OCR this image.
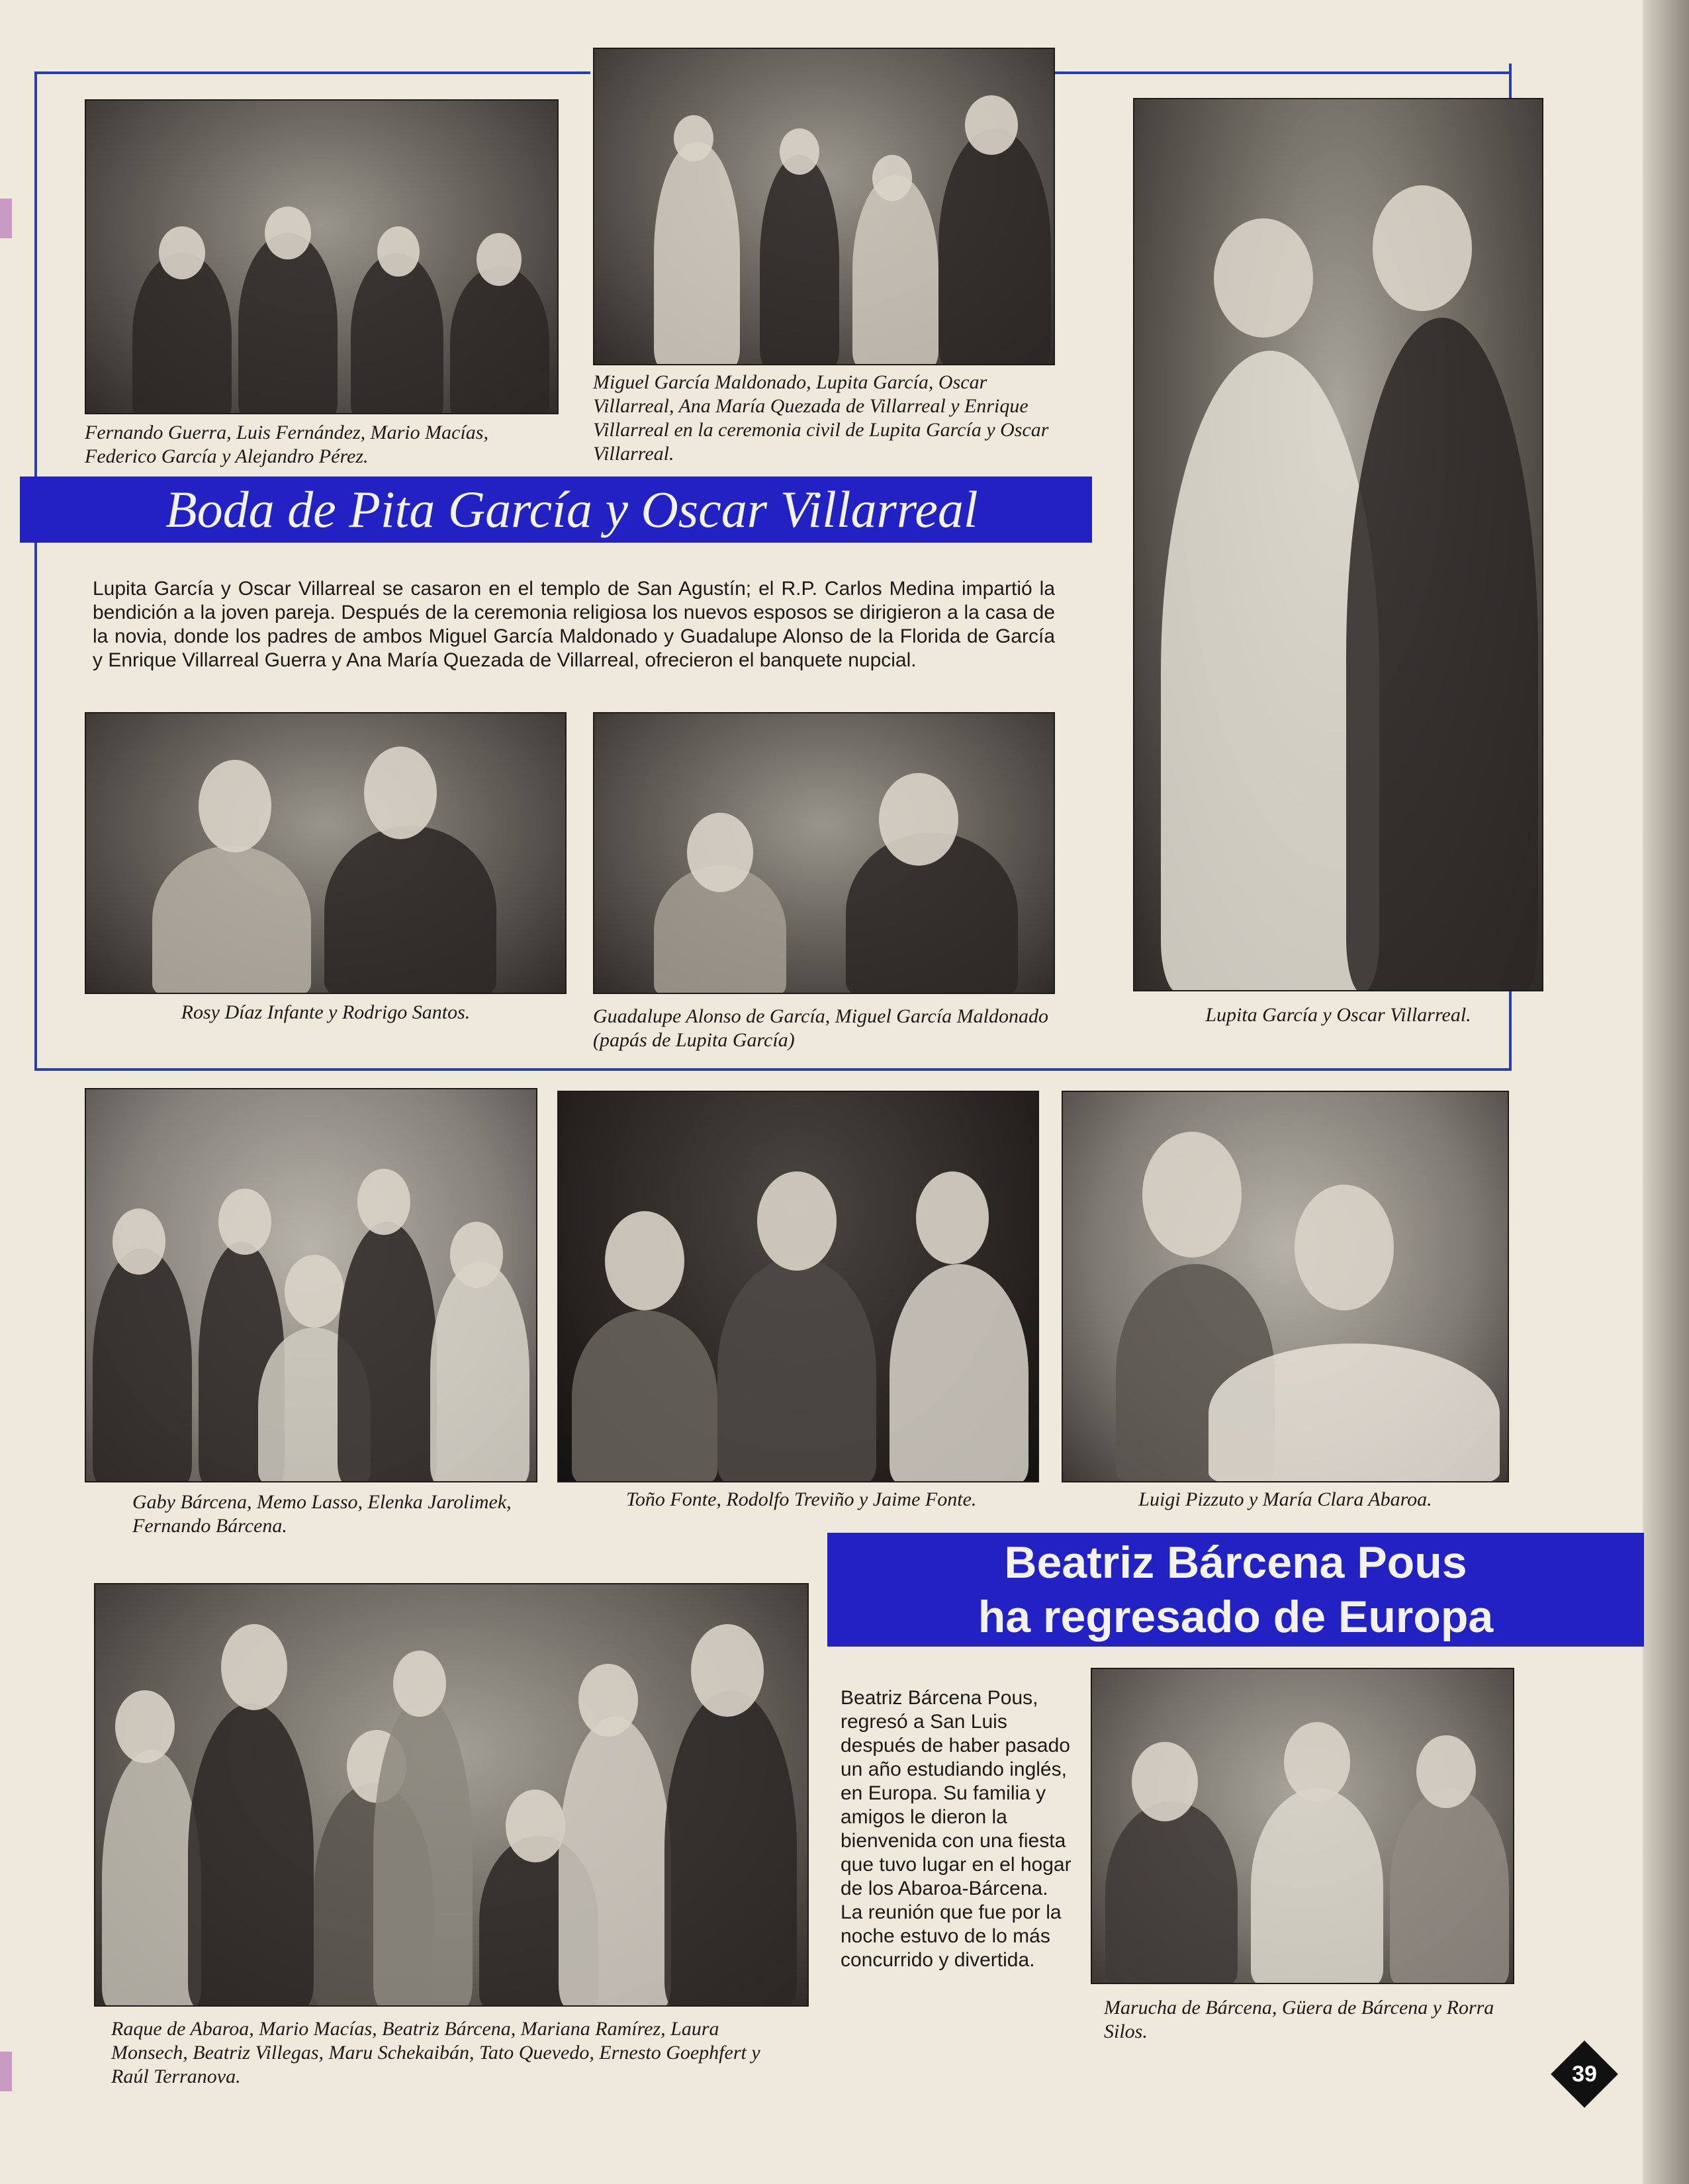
Fernando Guerra, Luis Fernández, Mario Macías, Federico García y Alejandro Pérez.
Miguel García Maldonado, Lupita García, Oscar Villarreal, Ana María Quezada de Villarreal y Enrique Villarreal en la ceremonia civil de Lupita García y Oscar Villarreal.
Lupita García y Oscar Villarreal.
Boda de Pita García y Oscar Villarreal
Lupita García y Oscar Villarreal se casaron en el templo de San Agustín; el R.P. Carlos Medina impartió la bendición a la joven pareja. Después de la ceremonia religiosa los nuevos esposos se dirigieron a la casa de la novia, donde los padres de ambos Miguel García Maldonado y Guadalupe Alonso de la Florida de García y Enrique Villarreal Guerra y Ana María Quezada de Villarreal, ofrecieron el banquete nupcial.
Rosy Díaz Infante y Rodrigo Santos.	Guadalupe Alonso de García, Miguel García Maldonado (papás de Lupita García)
Gaby Bárcena, Memo Lasso, Elenka Jarolimek, Fernando Bárcena.
Toño Fonte, Rodolfo Treviño y Jaime Fonte.	Luigi Pizzuto y María Clara Abaroa.
Beatriz Bárcena Pous
ha regresado de Europa
Raque de Abaroa, Mario Macías, Beatriz Bárcena, Mariana Ramírez, Laura Monsech, Beatriz Villegas, Maru Schekaibán, Tato Quevedo, Ernesto Goephfert y Raúl Terranova.
Beatriz Bárcena Pous, regresó a San Luis después de haber pasado un año estudiando inglés, en Europa. Su familia y amigos le dieron la bienvenida con una fiesta que tuvo lugar en el hogar de los Abaroa-Bárcena. La reunión que fue por la noche estuvo de lo más concurrido y divertida.
Marucha de Bárcena, Güera de Bárcena y Rorra Silos.
39
